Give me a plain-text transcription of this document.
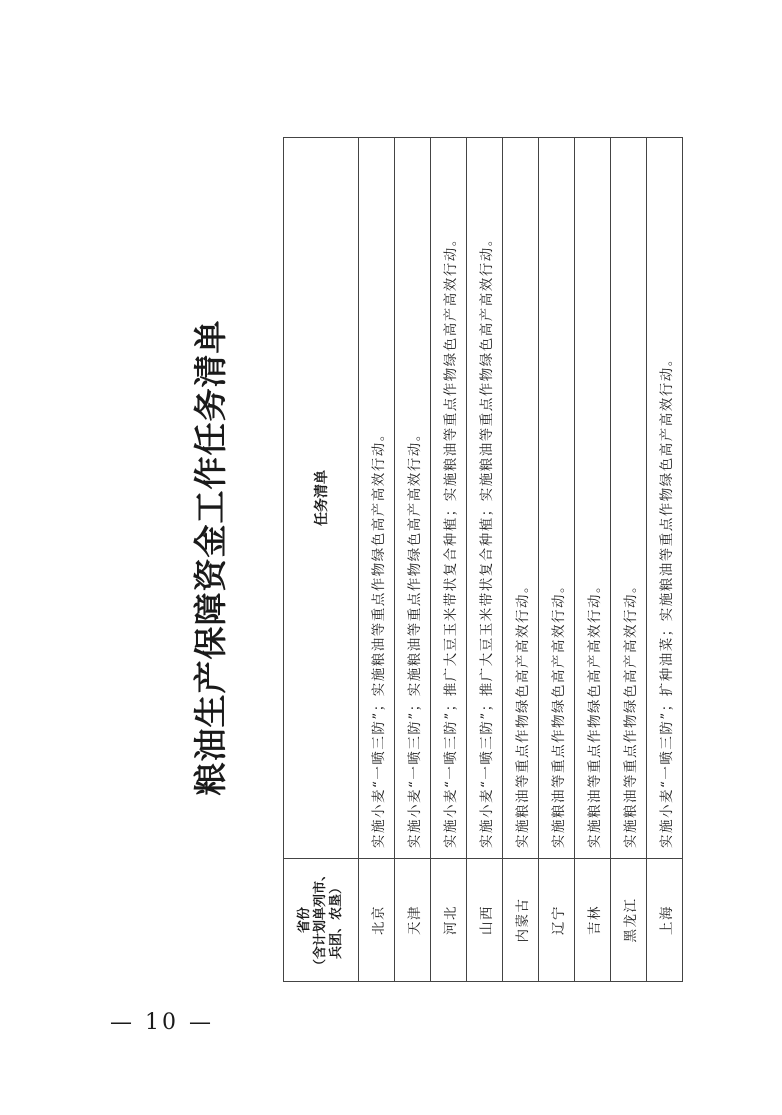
粮油生产保障资金工作任务清单
省份 （含计划单列市、 兵团、农垦）	任务清单
北京	实施小麦“一喷三防”；实施粮油等重点作物绿色高产高效行动。
天津	实施小麦“一喷三防”；实施粮油等重点作物绿色高产高效行动。
河北	实施小麦“一喷三防”；推广大豆玉米带状复合种植；实施粮油等重点作物绿色高产高效行动。
山西	实施小麦“一喷三防”；推广大豆玉米带状复合种植；实施粮油等重点作物绿色高产高效行动。
内蒙古	实施粮油等重点作物绿色高产高效行动。
辽宁	实施粮油等重点作物绿色高产高效行动。
吉林	实施粮油等重点作物绿色高产高效行动。
黑龙江	实施粮油等重点作物绿色高产高效行动。
上海	实施小麦“一喷三防”；扩种油菜；实施粮油等重点作物绿色高产高效行动。
— 10 —
